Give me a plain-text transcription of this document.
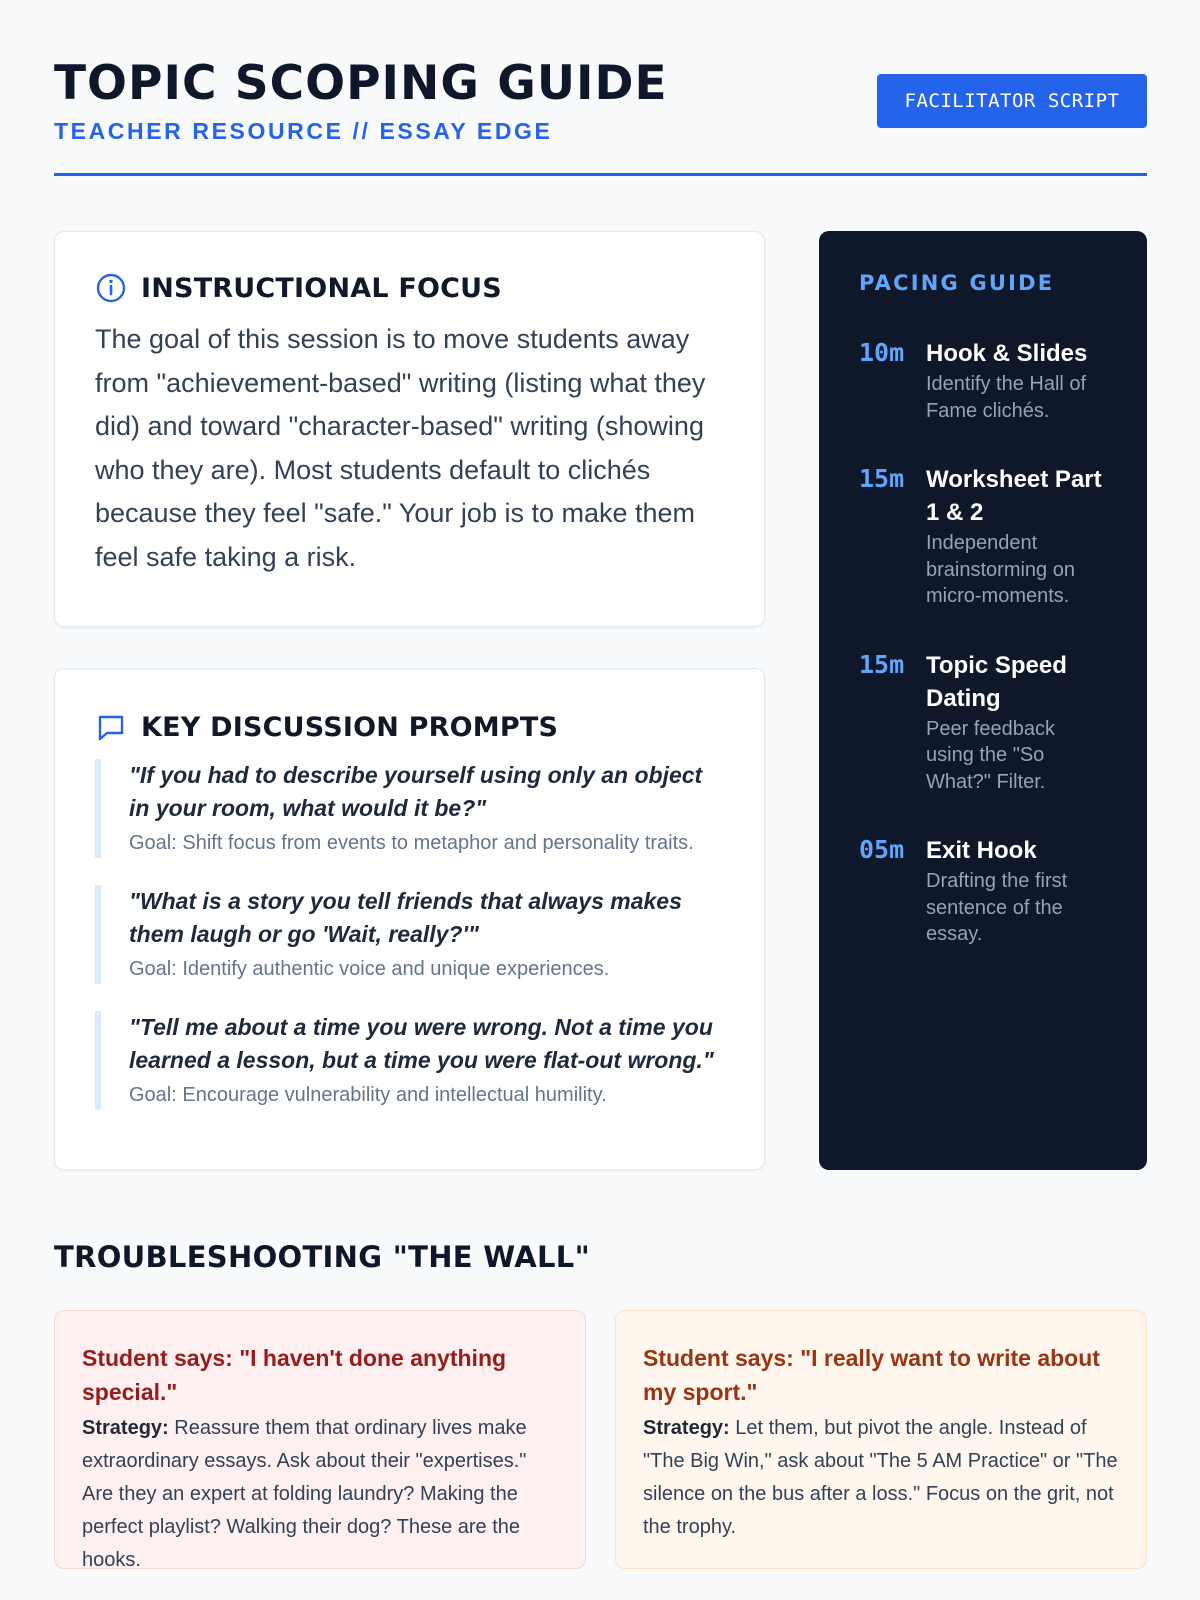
TOPIC SCOPING GUIDE
TEACHER RESOURCE // ESSAY EDGE
FACILITATOR SCRIPT
INSTRUCTIONAL FOCUS
The goal of this session is to move students away from "achievement-based" writing (listing what they did) and toward "character-based" writing (showing who they are). Most students default to clichés because they feel "safe." Your job is to make them feel safe taking a risk.
KEY DISCUSSION PROMPTS
"If you had to describe yourself using only an object in your room, what would it be?"
Goal: Shift focus from events to metaphor and personality traits.
"What is a story you tell friends that always makes them laugh or go 'Wait, really?'"
Goal: Identify authentic voice and unique experiences.
"Tell me about a time you were wrong. Not a time you learned a lesson, but a time you were flat-out wrong."
Goal: Encourage vulnerability and intellectual humility.
PACING GUIDE
10m Hook & Slides
Identify the Hall of Fame clichés.
15m Worksheet Part 1 & 2
Independent brainstorming on micro-moments.
15m Topic Speed Dating
Peer feedback using the "So What?" Filter.
05m Exit Hook
Drafting the first sentence of the essay.
TROUBLESHOOTING "THE WALL"
Student says: "I haven't done anything special."
Strategy: Reassure them that ordinary lives make extraordinary essays. Ask about their "expertises." Are they an expert at folding laundry? Making the perfect playlist? Walking their dog? These are the hooks.
Student says: "I really want to write about my sport."
Strategy: Let them, but pivot the angle. Instead of "The Big Win," ask about "The 5 AM Practice" or "The silence on the bus after a loss." Focus on the grit, not the trophy.
